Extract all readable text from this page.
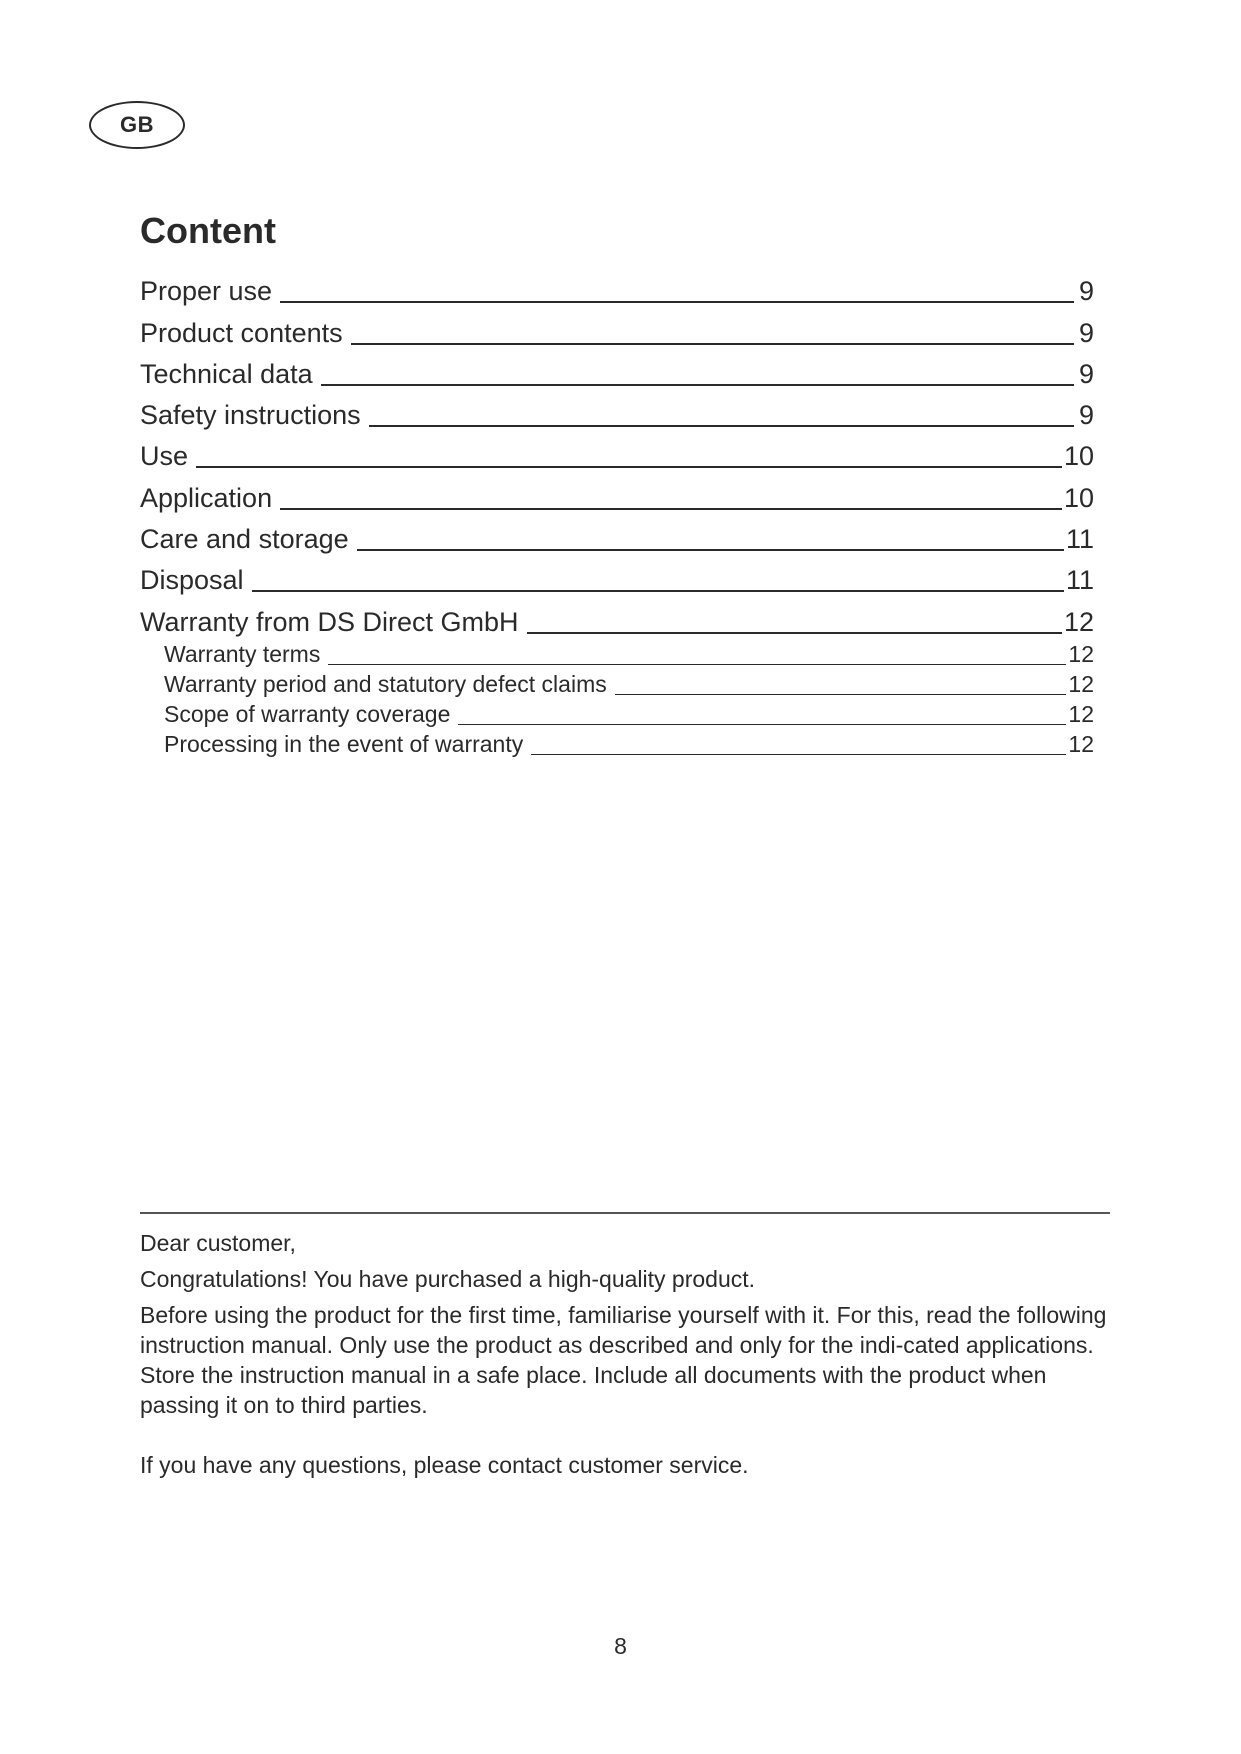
GB
Content
Proper use	9
Product contents	9
Technical data	9
Safety instructions	9
Use	10
Application	10
Care and storage	11
Disposal	11
Warranty from DS Direct GmbH	12
Warranty terms	12
Warranty period and statutory defect claims	12
Scope of warranty coverage	12
Processing in the event of warranty	12

Dear customer,

Congratulations! You have purchased a high-quality product.

Before using the product for the first time, familiarise yourself with it. For this, read the following instruction manual. Only use the product as described and only for the indi-cated applications. Store the instruction manual in a safe place. Include all documents with the product when passing it on to third parties.

If you have any questions, please contact customer service.

8
